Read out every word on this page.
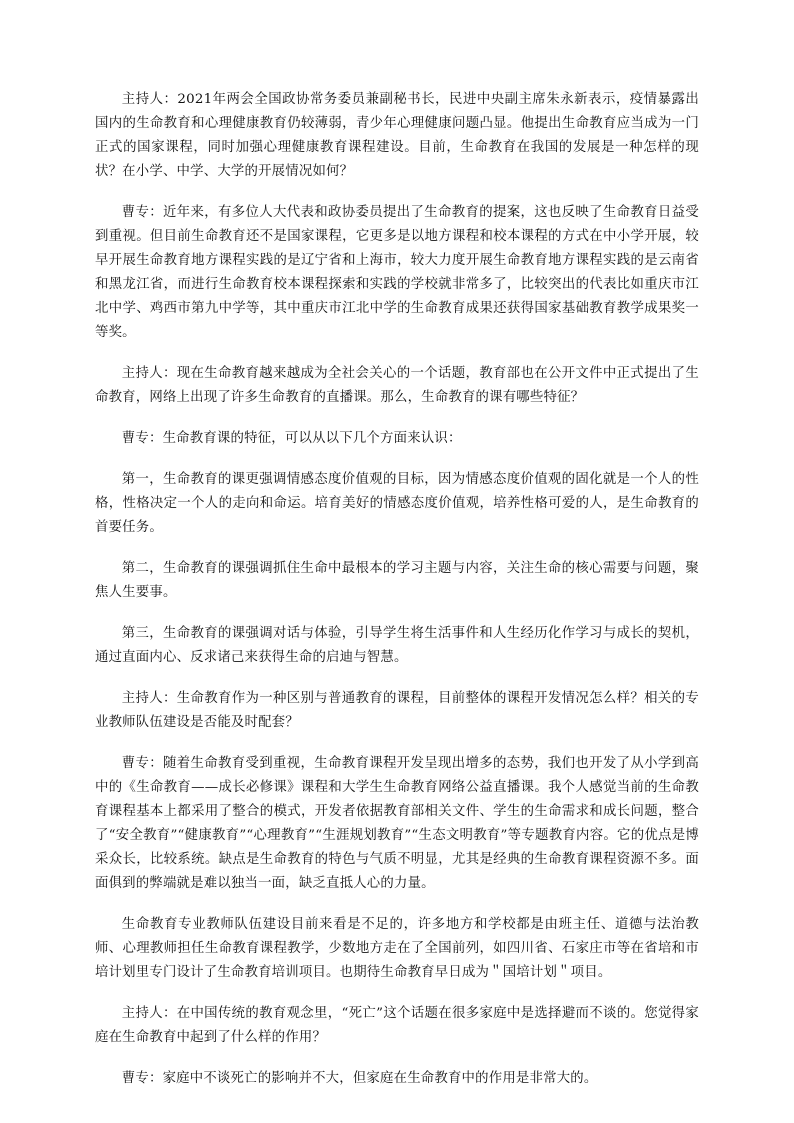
主持人：2021年两会全国政协常务委员兼副秘书长，民进中央副主席朱永新表示，疫情暴露出国内的生命教育和心理健康教育仍较薄弱，青少年心理健康问题凸显。他提出生命教育应当成为一门正式的国家课程，同时加强心理健康教育课程建设。目前，生命教育在我国的发展是一种怎样的现状？在小学、中学、大学的开展情况如何？

曹专：近年来，有多位人大代表和政协委员提出了生命教育的提案，这也反映了生命教育日益受到重视。但目前生命教育还不是国家课程，它更多是以地方课程和校本课程的方式在中小学开展，较早开展生命教育地方课程实践的是辽宁省和上海市，较大力度开展生命教育地方课程实践的是云南省和黑龙江省，而进行生命教育校本课程探索和实践的学校就非常多了，比较突出的代表比如重庆市江北中学、鸡西市第九中学等，其中重庆市江北中学的生命教育成果还获得国家基础教育教学成果奖一等奖。

主持人：现在生命教育越来越成为全社会关心的一个话题，教育部也在公开文件中正式提出了生命教育，网络上出现了许多生命教育的直播课。那么，生命教育的课有哪些特征？

曹专：生命教育课的特征，可以从以下几个方面来认识：

第一，生命教育的课更强调情感态度价值观的目标，因为情感态度价值观的固化就是一个人的性格，性格决定一个人的走向和命运。培育美好的情感态度价值观，培养性格可爱的人，是生命教育的首要任务。

第二，生命教育的课强调抓住生命中最根本的学习主题与内容，关注生命的核心需要与问题，聚焦人生要事。

第三，生命教育的课强调对话与体验，引导学生将生活事件和人生经历化作学习与成长的契机，通过直面内心、反求诸己来获得生命的启迪与智慧。

主持人：生命教育作为一种区别与普通教育的课程，目前整体的课程开发情况怎么样？相关的专业教师队伍建设是否能及时配套？

曹专：随着生命教育受到重视，生命教育课程开发呈现出增多的态势，我们也开发了从小学到高中的《生命教育——成长必修课》课程和大学生生命教育网络公益直播课。我个人感觉当前的生命教育课程基本上都采用了整合的模式，开发者依据教育部相关文件、学生的生命需求和成长问题，整合了“安全教育”“健康教育”“心理教育”“生涯规划教育”“生态文明教育”等专题教育内容。它的优点是博采众长，比较系统。缺点是生命教育的特色与气质不明显，尤其是经典的生命教育课程资源不多。面面俱到的弊端就是难以独当一面，缺乏直抵人心的力量。

生命教育专业教师队伍建设目前来看是不足的，许多地方和学校都是由班主任、道德与法治教师、心理教师担任生命教育课程教学，少数地方走在了全国前列，如四川省、石家庄市等在省培和市培计划里专门设计了生命教育培训项目。也期待生命教育早日成为＂国培计划＂项目。

主持人：在中国传统的教育观念里，“死亡”这个话题在很多家庭中是选择避而不谈的。您觉得家庭在生命教育中起到了什么样的作用？

曹专：家庭中不谈死亡的影响并不大，但家庭在生命教育中的作用是非常大的。
